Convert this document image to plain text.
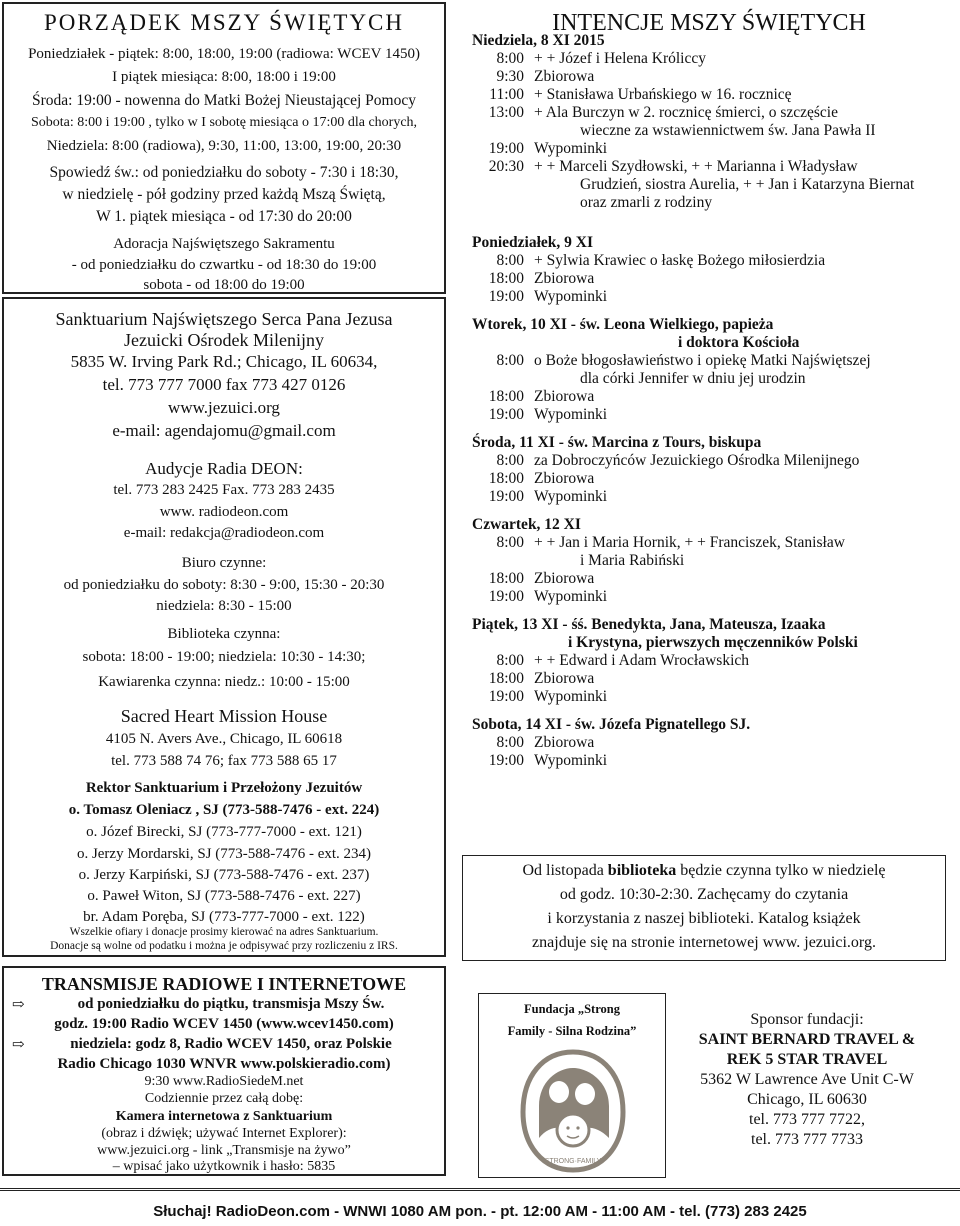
PORZĄDEK MSZY ŚWIĘTYCH
Poniedziałek - piątek: 8:00, 18:00, 19:00 (radiowa: WCEV 1450)
I piątek miesiąca: 8:00, 18:00 i 19:00
Środa: 19:00 - nowenna do Matki Bożej Nieustającej Pomocy
Sobota: 8:00 i 19:00 , tylko w I sobotę miesiąca o 17:00 dla chorych,
Niedziela: 8:00 (radiowa), 9:30, 11:00, 13:00, 19:00, 20:30
Spowiedź św.: od poniedziałku do soboty - 7:30 i 18:30,
w niedzielę - pół godziny przed każdą Mszą Świętą,
W 1. piątek miesiąca - od 17:30 do 20:00
Adoracja Najświętszego Sakramentu
- od poniedziałku do czwartku - od 18:30 do 19:00
sobota - od 18:00 do 19:00
Sanktuarium Najświętszego Serca Pana Jezusa
Jezuicki Ośrodek Milenijny
5835 W. Irving Park Rd.; Chicago, IL 60634,
tel. 773 777 7000 fax 773 427 0126
www.jezuici.org
e-mail: agendajomu@gmail.com
Audycje Radia DEON:
tel. 773 283 2425 Fax. 773 283 2435
www. radiodeon.com
e-mail: redakcja@radiodeon.com
Biuro czynne:
od poniedziałku do soboty: 8:30 - 9:00, 15:30 - 20:30
niedziela: 8:30 - 15:00
Biblioteka czynna:
sobota: 18:00 - 19:00; niedziela: 10:30 - 14:30;
Kawiarenka czynna: niedz.: 10:00 - 15:00
Sacred Heart Mission House
4105 N. Avers Ave., Chicago, IL 60618
tel. 773 588 74 76; fax 773 588 65 17
Rektor Sanktuarium i Przełożony Jezuitów
o. Tomasz Oleniacz , SJ (773-588-7476 - ext. 224)
o. Józef Birecki, SJ (773-777-7000 - ext. 121)
o. Jerzy Mordarski, SJ (773-588-7476 - ext. 234)
o. Jerzy Karpiński, SJ (773-588-7476 - ext. 237)
o. Paweł Witon, SJ (773-588-7476 - ext. 227)
br. Adam Poręba, SJ (773-777-7000 - ext. 122)
Wszelkie ofiary i donacje prosimy kierować na adres Sanktuarium.
Donacje są wolne od podatku i można je odpisywać przy rozliczeniu z IRS.
INTENCJE MSZY ŚWIĘTYCH
Niedziela, 8 XI 2015
8:00 + + Józef i Helena Króliccy
9:30 Zbiorowa
11:00 + Stanisława Urbańskiego w 16. rocznicę
13:00 + Ala Burczyn w 2. rocznicę śmierci, o szczęście
wieczne za wstawiennictwem św. Jana Pawła II
19:00 Wypominki
20:30 + + Marceli Szydłowski, + + Marianna i Władysław
Grudzień, siostra Aurelia, + + Jan i Katarzyna Biernat
oraz zmarli z rodziny
Poniedziałek, 9 XI
8:00 + Sylwia Krawiec o łaskę Bożego miłosierdzia
18:00 Zbiorowa
19:00 Wypominki
Wtorek, 10 XI - św. Leona Wielkiego, papieża
i doktora Kościoła
8:00 o Boże błogosławieństwo i opiekę Matki Najświętszej
dla córki Jennifer w dniu jej urodzin
18:00 Zbiorowa
19:00 Wypominki
Środa, 11 XI - św. Marcina z Tours, biskupa
8:00 za Dobroczyńców Jezuickiego Ośrodka Milenijnego
18:00 Zbiorowa
19:00 Wypominki
Czwartek, 12 XI
8:00 + + Jan i Maria Hornik, + + Franciszek, Stanisław
i Maria Rabiński
18:00 Zbiorowa
19:00 Wypominki
Piątek, 13 XI - śś. Benedykta, Jana, Mateusza, Izaaka
i Krystyna, pierwszych męczenników Polski
8:00 + + Edward i Adam Wrocławskich
18:00 Zbiorowa
19:00 Wypominki
Sobota, 14 XI - św. Józefa Pignatellego SJ.
8:00 Zbiorowa
19:00 Wypominki
Od listopada biblioteka będzie czynna tylko w niedzielę
od godz. 10:30-2:30. Zachęcamy do czytania
i korzystania z naszej biblioteki. Katalog książek
znajduje się na stronie internetowej www. jezuici.org.
TRANSMISJE RADIOWE I INTERNETOWE
⇨	od poniedziałku do piątku, transmisja Mszy Św.
godz. 19:00 Radio WCEV 1450 (www.wcev1450.com)
⇨	niedziela: godz 8, Radio WCEV 1450, oraz Polskie
Radio Chicago 1030 WNVR www.polskieradio.com)
9:30 www.RadioSiedeM.net
Codziennie przez całą dobę:
Kamera internetowa z Sanktuarium
(obraz i dźwięk; używać Internet Explorer):
www.jezuici.org - link „Transmisje na żywo”
– wpisać jako użytkownik i hasło: 5835
Fundacja „Strong
Family - Silna Rodzina”
STRONG·FAMILY
Sponsor fundacji:
SAINT BERNARD TRAVEL &
REK 5 STAR TRAVEL
5362 W Lawrence Ave Unit C-W
Chicago, IL 60630
tel. 773 777 7722,
tel. 773 777 7733
Słuchaj! RadioDeon.com - WNWI 1080 AM pon. - pt. 12:00 AM - 11:00 AM - tel. (773) 283 2425
